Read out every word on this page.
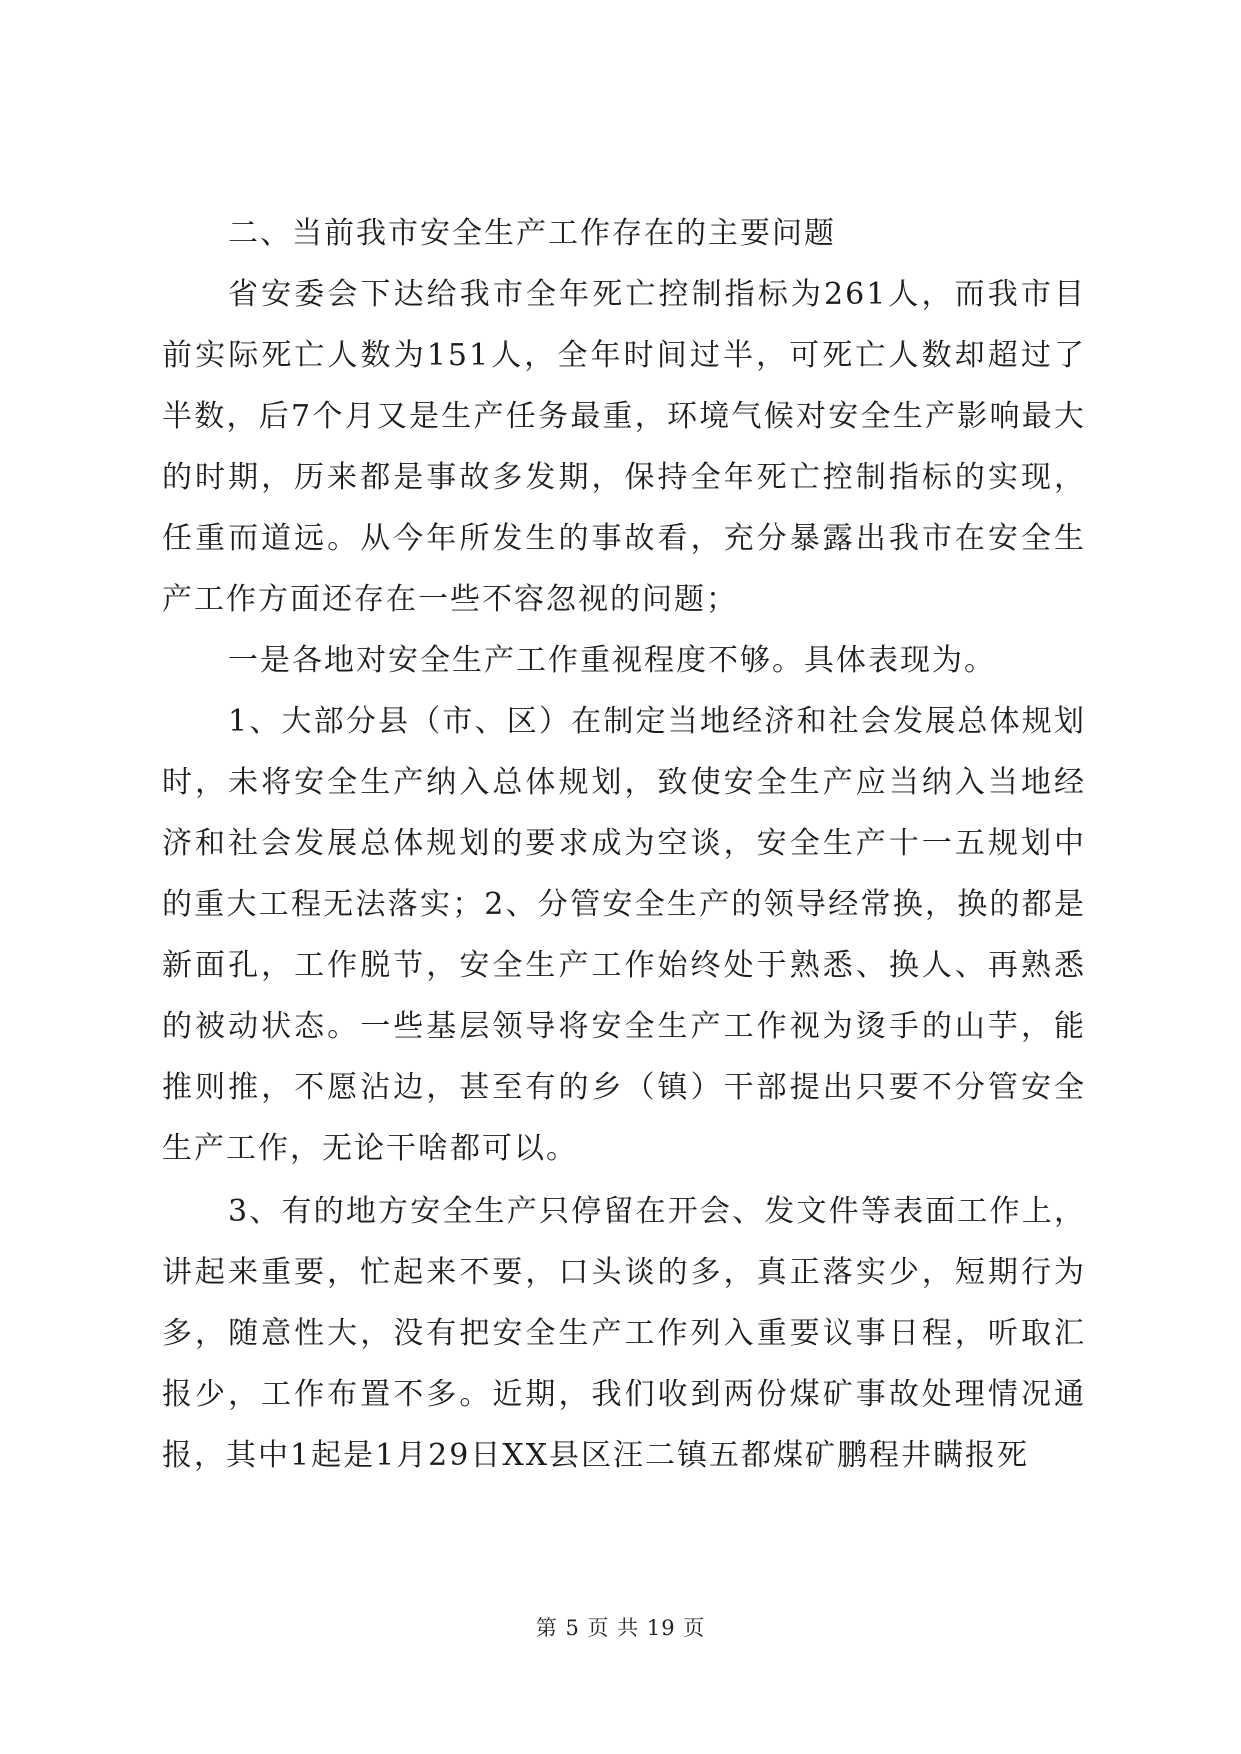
二、当前我市安全生产工作存在的主要问题

省安委会下达给我市全年死亡控制指标为261人，而我市目前实际死亡人数为151人，全年时间过半，可死亡人数却超过了半数，后7个月又是生产任务最重，环境气候对安全生产影响最大的时期，历来都是事故多发期，保持全年死亡控制指标的实现，任重而道远。从今年所发生的事故看，充分暴露出我市在安全生产工作方面还存在一些不容忽视的问题；

一是各地对安全生产工作重视程度不够。具体表现为。

1、大部分县（市、区）在制定当地经济和社会发展总体规划时，未将安全生产纳入总体规划，致使安全生产应当纳入当地经济和社会发展总体规划的要求成为空谈，安全生产十一五规划中的重大工程无法落实；2、分管安全生产的领导经常换，换的都是新面孔，工作脱节，安全生产工作始终处于熟悉、换人、再熟悉的被动状态。一些基层领导将安全生产工作视为烫手的山芋，能推则推，不愿沾边，甚至有的乡（镇）干部提出只要不分管安全生产工作，无论干啥都可以。

3、有的地方安全生产只停留在开会、发文件等表面工作上，讲起来重要，忙起来不要，口头谈的多，真正落实少，短期行为多，随意性大，没有把安全生产工作列入重要议事日程，听取汇报少，工作布置不多。近期，我们收到两份煤矿事故处理情况通报，其中1起是1月29日XX县区汪二镇五都煤矿鹏程井瞒报死

第 5 页 共 19 页
